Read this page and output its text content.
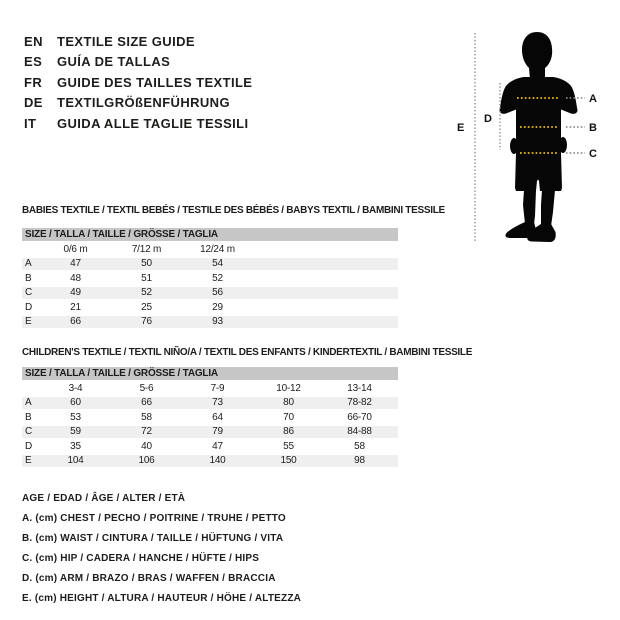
EN	TEXTILE SIZE GUIDE
ES	GUÍA DE TALLAS
FR	GUIDE DES TAILLES TEXTILE
DE	TEXTILGRÖßENFÜHRUNG
IT	GUIDA ALLE TAGLIE TESSILI
A
B
C
D
E
BABIES TEXTILE / TEXTIL BEBÉS / TESTILE DES BÉBÉS / BABYS TEXTIL / BAMBINI TESSILE
SIZE / TALLA / TAILLE / GRÖSSE / TAGLIA
	0/6 m	7/12 m	12/24 m	
A	47	50	54	
B	48	51	52	
C	49	52	56	
D	21	25	29	
E	66	76	93	
CHILDREN'S TEXTILE / TEXTIL NIÑO/A / TEXTIL DES ENFANTS / KINDERTEXTIL / BAMBINI TESSILE
SIZE / TALLA / TAILLE / GRÖSSE / TAGLIA
	3-4	5-6	7-9	10-12	13-14	
A	60	66	73	80	78-82	
B	53	58	64	70	66-70	
C	59	72	79	86	84-88	
D	35	40	47	55	58	
E	104	106	140	150	98	
AGE / EDAD / ÂGE / ALTER / ETÀ
A. (cm) CHEST / PECHO / POITRINE / TRUHE / PETTO
B. (cm) WAIST / CINTURA / TAILLE / HÜFTUNG / VITA
C. (cm) HIP / CADERA / HANCHE / HÜFTE / HIPS
D. (cm) ARM / BRAZO / BRAS / WAFFEN / BRACCIA
E. (cm) HEIGHT / ALTURA / HAUTEUR / HÖHE / ALTEZZA
